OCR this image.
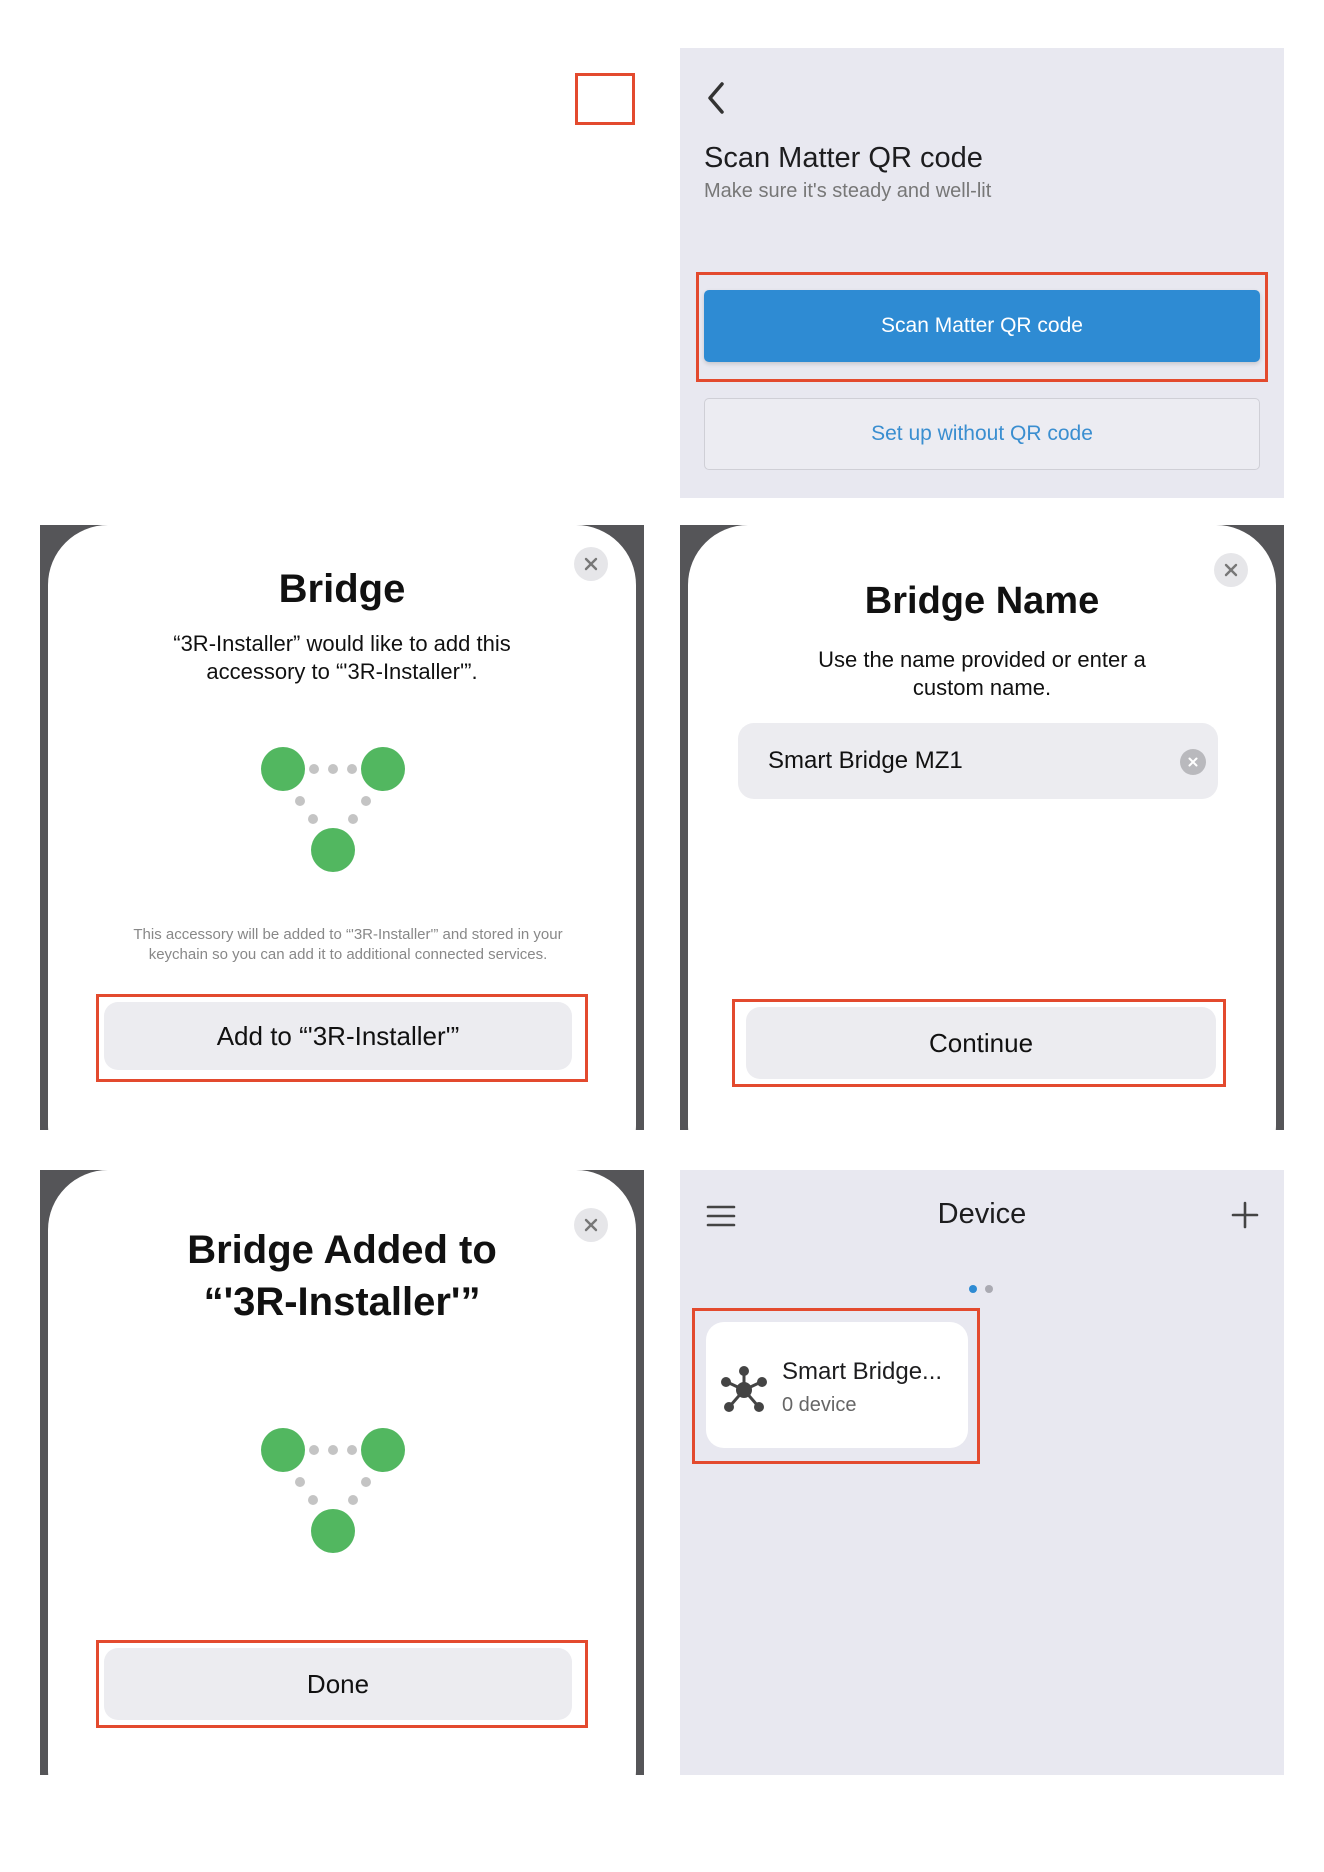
Scan Matter QR code
Make sure it's steady and well-lit
Scan Matter QR code
Set up without QR code
Bridge
“3R-Installer” would like to add this
accessory to “'3R-Installer'”.
This accessory will be added to “'3R-Installer'” and stored in your keychain so you can add it to additional connected services.
Add to “'3R-Installer'”
Bridge Name
Use the name provided or enter a
custom name.
Smart Bridge MZ1
Continue
Bridge Added to
“'3R-Installer'”
Done
Device
Smart Bridge...
0 device
